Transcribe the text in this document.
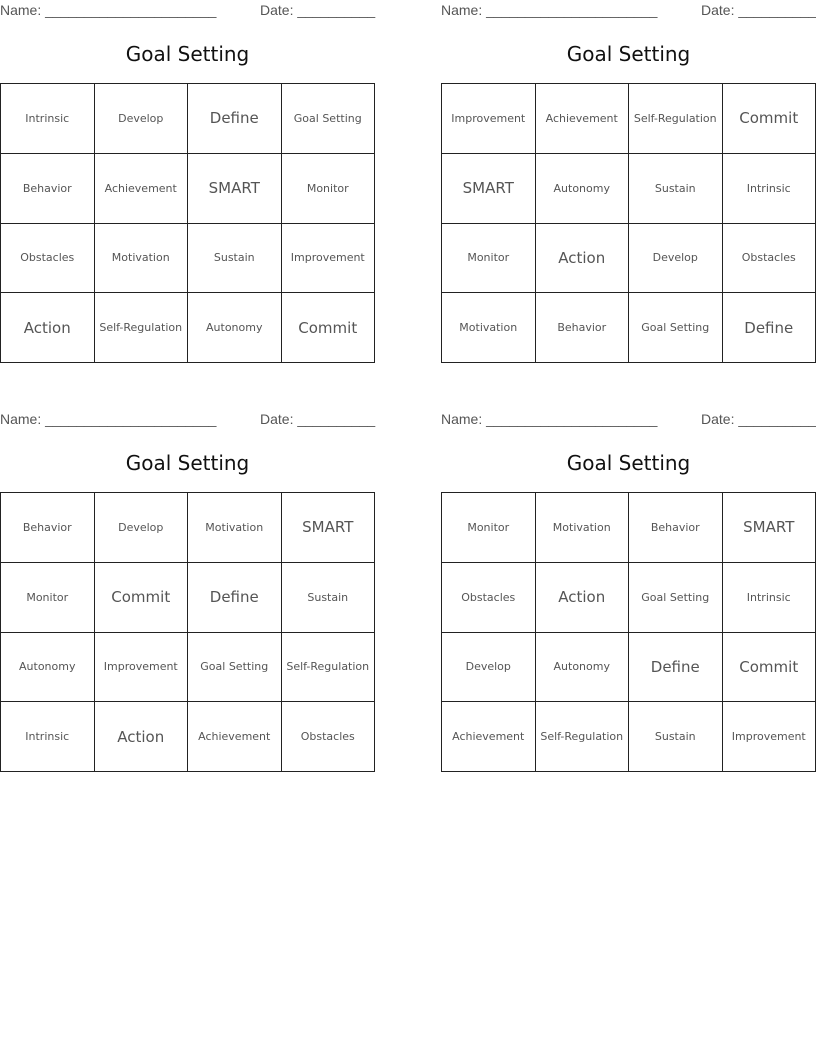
Name: ______________________	Date: __________
Goal Setting
Intrinsic	Develop	Define	Goal Setting
Behavior	Achievement	SMART	Monitor
Obstacles	Motivation	Sustain	Improvement
Action	Self-Regulation	Autonomy	Commit
Name: ______________________	Date: __________
Goal Setting
Improvement	Achievement	Self-Regulation	Commit
SMART	Autonomy	Sustain	Intrinsic
Monitor	Action	Develop	Obstacles
Motivation	Behavior	Goal Setting	Define
Name: ______________________	Date: __________
Goal Setting
Behavior	Develop	Motivation	SMART
Monitor	Commit	Define	Sustain
Autonomy	Improvement	Goal Setting	Self-Regulation
Intrinsic	Action	Achievement	Obstacles
Name: ______________________	Date: __________
Goal Setting
Monitor	Motivation	Behavior	SMART
Obstacles	Action	Goal Setting	Intrinsic
Develop	Autonomy	Define	Commit
Achievement	Self-Regulation	Sustain	Improvement
